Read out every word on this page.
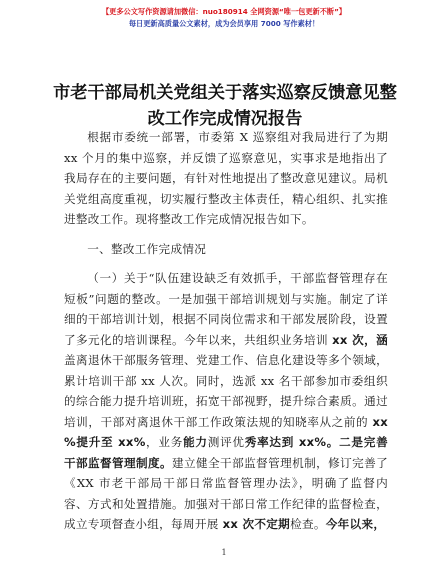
【更多公文写作资源请加微信：nuo180914 全网资源“唯一包更新不断”】
每日更新高质量公文素材，成为会员享用 7000 写作素材！
市老干部局机关党组关于落实巡察反馈意见整
改工作完成情况报告

根据市委统一部署，市委第 X 巡察组对我局进行了为期 xx 个月的集中巡察，并反馈了巡察意见，实事求是地指出了我局存在的主要问题，有针对性地提出了整改意见建议。局机关党组高度重视，切实履行整改主体责任，精心组织、扎实推进整改工作。现将整改工作完成情况报告如下。

一、整改工作完成情况

（一）关于“队伍建设缺乏有效抓手，干部监督管理存在短板”问题的整改。一是加强干部培训规划与实施。制定了详细的干部培训计划，根据不同岗位需求和干部发展阶段，设置了多元化的培训课程。今年以来，共组织业务培训 xx 次，涵盖离退休干部服务管理、党建工作、信息化建设等多个领域，累计培训干部 xx 人次。同时，选派 xx 名干部参加市委组织的综合能力提升培训班，拓宽干部视野，提升综合素质。通过培训，干部对离退休干部工作政策法规的知晓率从之前的 xx %提升至 xx%，业务能力测评优秀率达到 xx%。二是完善干部监督管理制度。建立健全干部监督管理机制，修订完善了《XX 市老干部局干部日常监督管理办法》，明确了监督内容、方式和处置措施。加强对干部日常工作纪律的监督检查，成立专项督查小组，每周开展 xx 次不定期检查。今年以来，

1
